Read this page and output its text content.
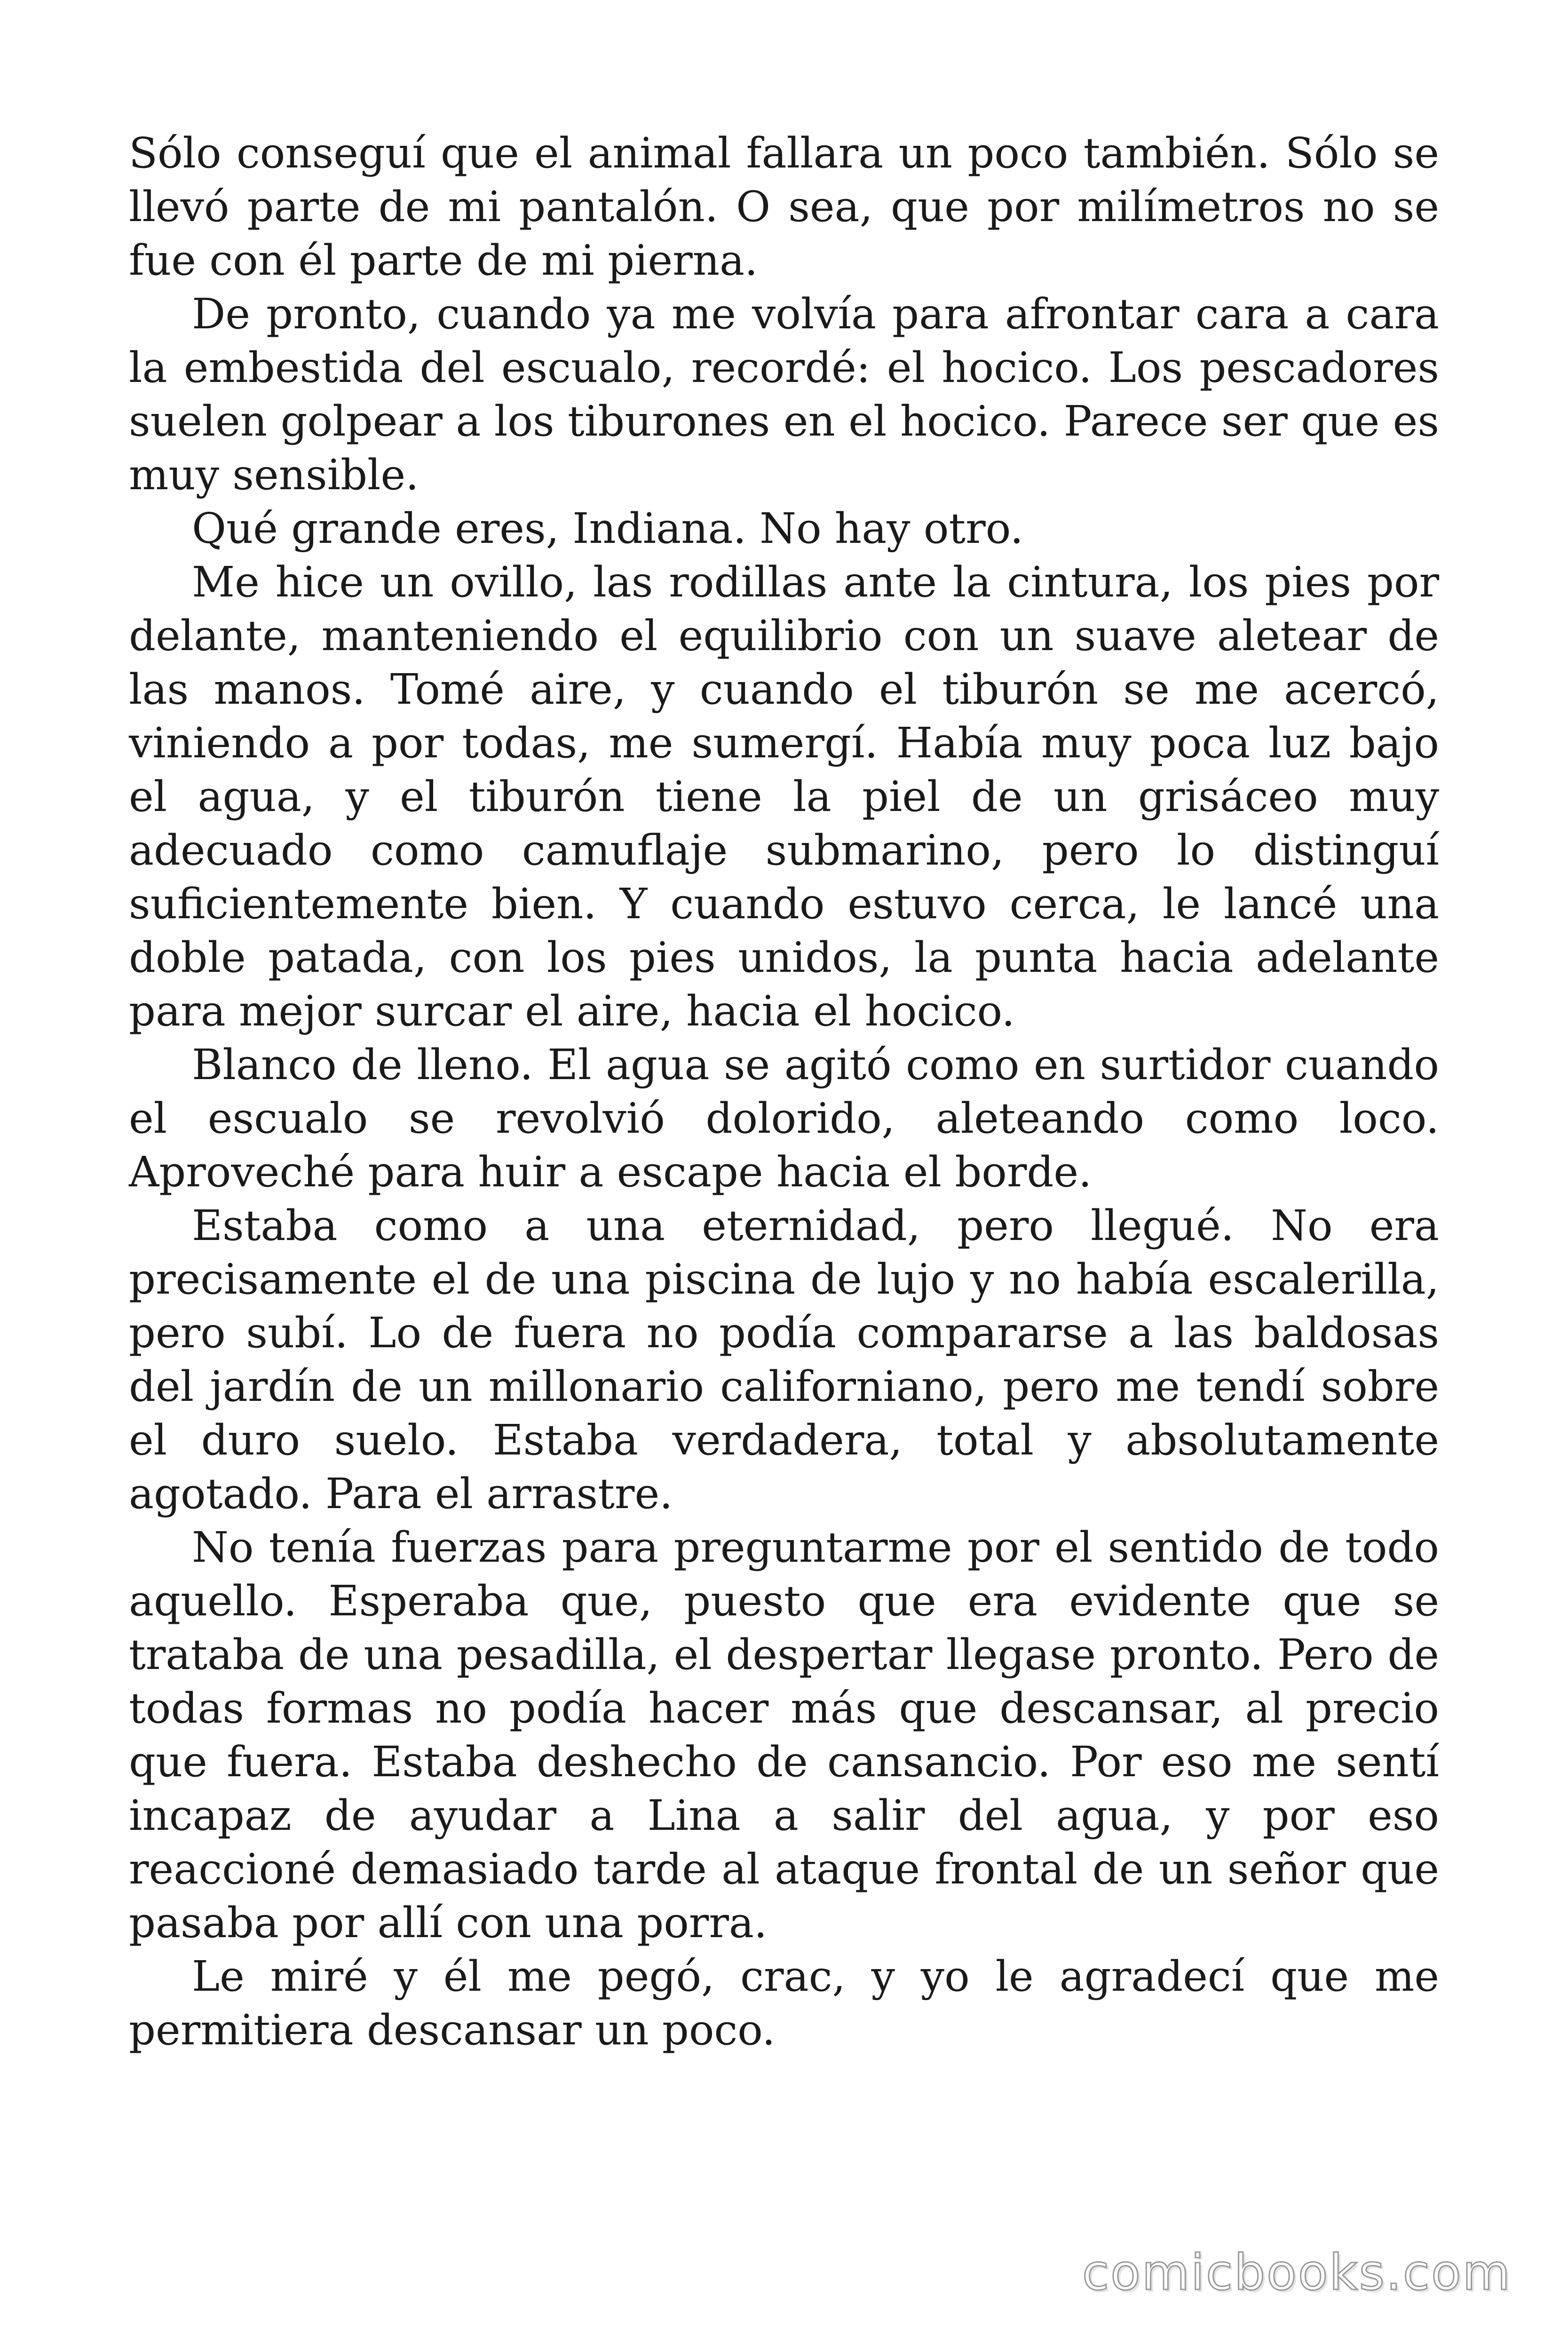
Sólo conseguí que el animal fallara un poco también. Sólo se llevó parte de mi pantalón. O sea, que por milímetros no se fue con él parte de mi pierna.

De pronto, cuando ya me volvía para afrontar cara a cara la embestida del escualo, recordé: el hocico. Los pescadores suelen golpear a los tiburones en el hocico. Parece ser que es muy sensible.

Qué grande eres, Indiana. No hay otro.

Me hice un ovillo, las rodillas ante la cintura, los pies por delante, manteniendo el equilibrio con un suave aletear de las manos. Tomé aire, y cuando el tiburón se me acercó, viniendo a por todas, me sumergí. Había muy poca luz bajo el agua, y el tiburón tiene la piel de un grisáceo muy adecuado como camuflaje submarino, pero lo distinguí suficientemente bien. Y cuando estuvo cerca, le lancé una doble patada, con los pies unidos, la punta hacia adelante para mejor surcar el aire, hacia el hocico.

Blanco de lleno. El agua se agitó como en surtidor cuando el escualo se revolvió dolorido, aleteando como loco. Aproveché para huir a escape hacia el borde.

Estaba como a una eternidad, pero llegué. No era precisamente el de una piscina de lujo y no había escalerilla, pero subí. Lo de fuera no podía compararse a las baldosas del jardín de un millonario californiano, pero me tendí sobre el duro suelo. Estaba verdadera, total y absolutamente agotado. Para el arrastre.

No tenía fuerzas para preguntarme por el sentido de todo aquello. Esperaba que, puesto que era evidente que se trataba de una pesadilla, el despertar llegase pronto. Pero de todas formas no podía hacer más que descansar, al precio que fuera. Estaba deshecho de cansancio. Por eso me sentí incapaz de ayudar a Lina a salir del agua, y por eso reaccioné demasiado tarde al ataque frontal de un señor que pasaba por allí con una porra.

Le miré y él me pegó, crac, y yo le agradecí que me permitiera descansar un poco.

comicbooks.com
